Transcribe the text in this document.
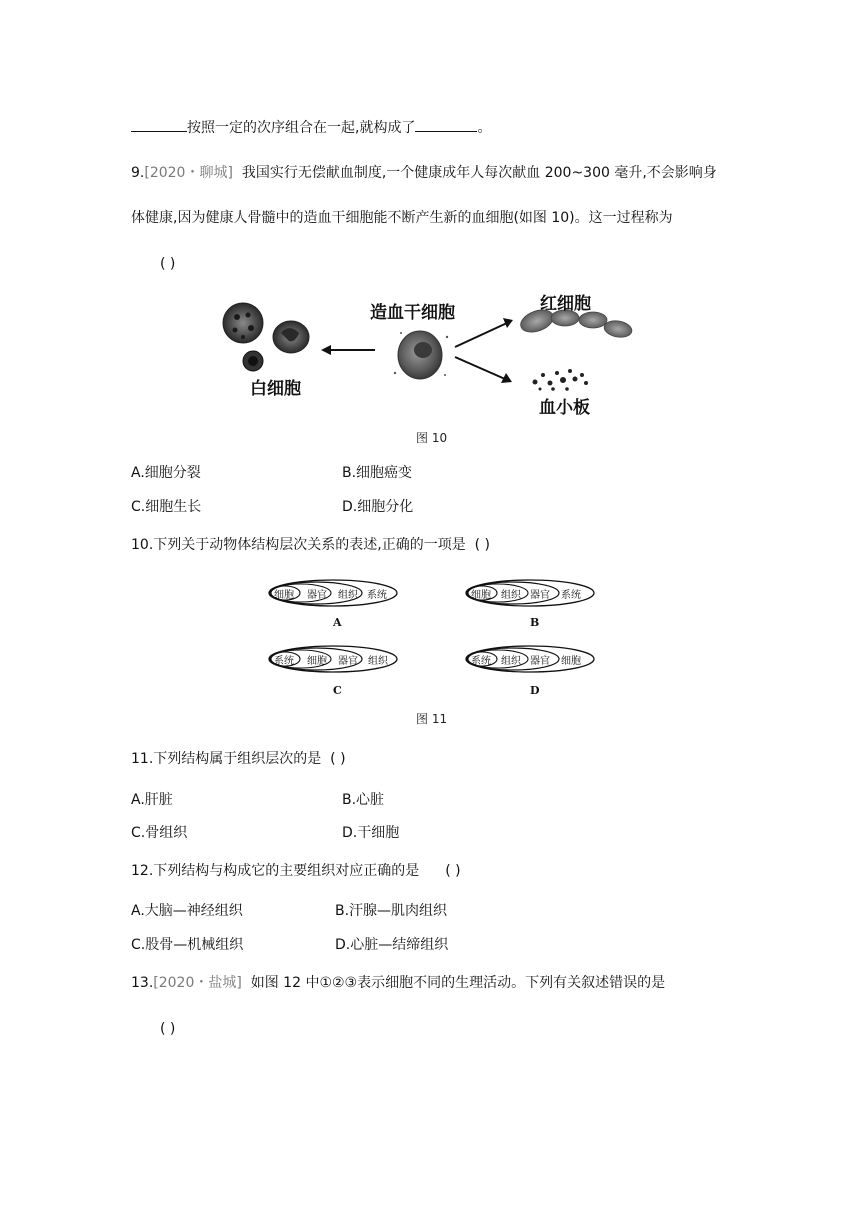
按照一定的次序组合在一起,就构成了	。
9.[2020・聊城] 我国实行无偿献血制度,一个健康成年人每次献血 200~300 毫升,不会影响身
体健康,因为健康人骨髓中的造血干细胞能不断产生新的血细胞(如图 10)。这一过程称为
( )
造血干细胞
白细胞
红细胞
血小板
图 10
A.细胞分裂	B.细胞癌变
C.细胞生长	D.细胞分化
10.下列关于动物体结构层次关系的表述,正确的一项是 ( )
细胞 器官 组织 系统
A
细胞 组织 器官 系统
B
系统 细胞 器官 组织
C
系统 组织 器官 细胞
D
图 11
11.下列结构属于组织层次的是 ( )
A.肝脏	B.心脏
C.骨组织	D.干细胞
12.下列结构与构成它的主要组织对应正确的是 ( )
A.大脑—神经组织	B.汗腺—肌肉组织
C.股骨—机械组织	D.心脏—结缔组织
13.[2020・盐城] 如图 12 中①②③表示细胞不同的生理活动。下列有关叙述错误的是
( )
